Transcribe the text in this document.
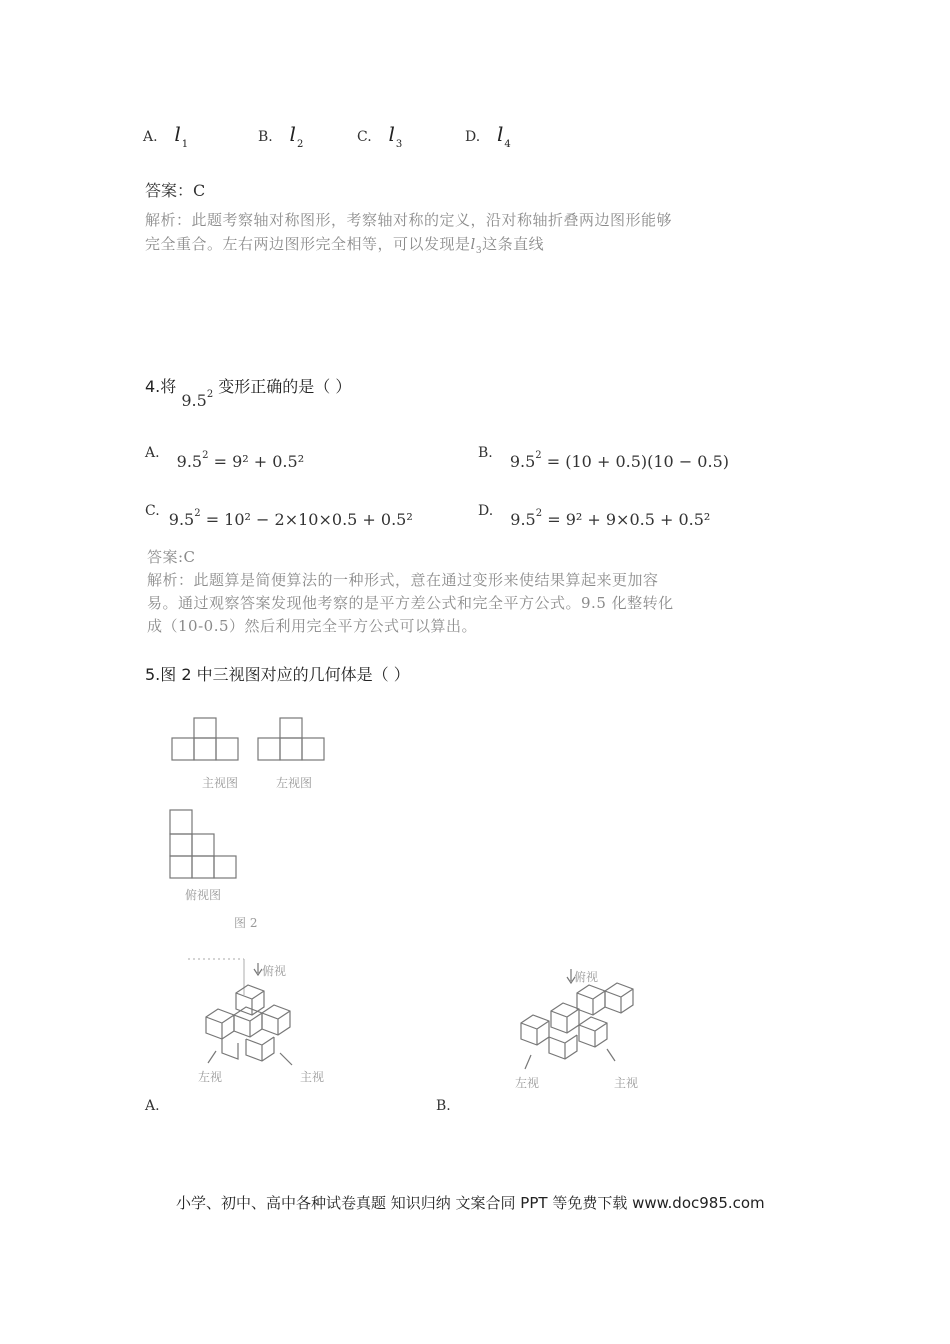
A. $l_1$	B. $l_2$	C. $l_3$	D. $l_4$
答案：C
解析：此题考察轴对称图形，考察轴对称的定义，沿对称轴折叠两边图形能够
完全重合。左右两边图形完全相等，可以发现是$l_3$这条直线
4.将 $9.5^2$ 变形正确的是（ ）
A. $9.5^2 = 9^2 + 0.5^2$	B. $9.5^2 = (10 + 0.5)(10 - 0.5)$
C. $9.5^2 = 10^2 - 2\times 10\times 0.5 + 0.5^2$	D. $9.5^2 = 9^2 + 9\times 0.5 + 0.5^2$
答案:C
解析：此题算是简便算法的一种形式，意在通过变形来使结果算起来更加容
易。通过观察答案发现他考察的是平方差公式和完全平方公式。9.5 化整转化
成（10-0.5）然后利用完全平方公式可以算出。
5.图 2 中三视图对应的几何体是（ ）
主视图	左视图
俯视图
图 2
俯视
左视	主视
俯视
左视	主视
A.	B.
小学、初中、高中各种试卷真题 知识归纳 文案合同 PPT 等免费下载 www.doc985.com
